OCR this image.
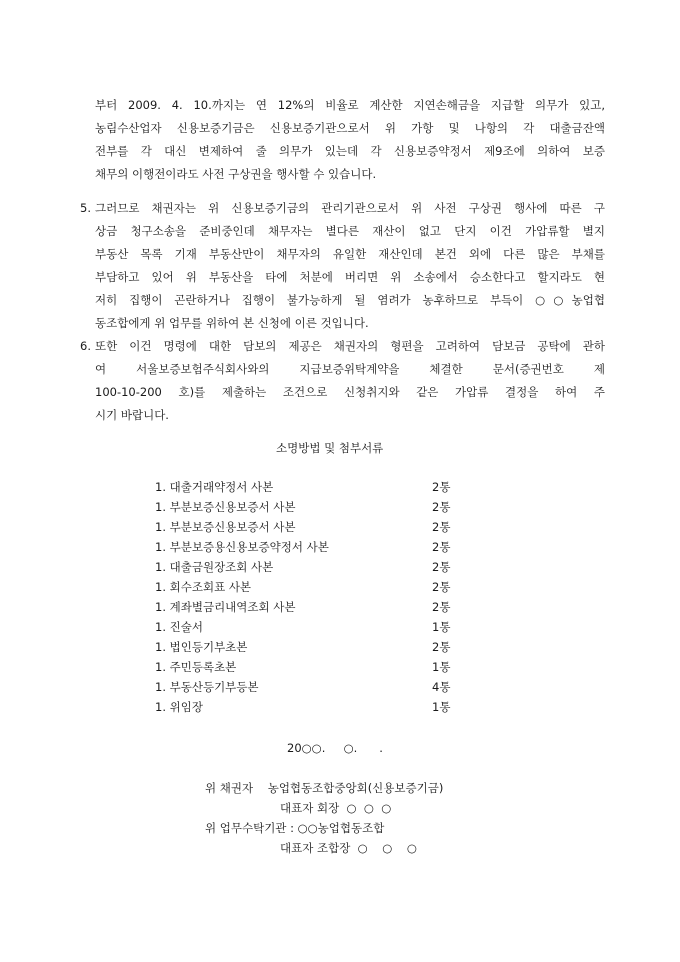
부터 2009. 4. 10.까지는 연 12%의 비율로 계산한 지연손해금을 지급할 의무가 있고,
농림수산업자 신용보증기금은 신용보증기관으로서 위 가항 및 나항의 각 대출금잔액
전부를 각 대신 변제하여 줄 의무가 있는데 각 신용보증약정서 제9조에 의하여 보증
채무의 이행전이라도 사전 구상권을 행사할 수 있습니다.
5. 그러므로 채권자는 위 신용보증기금의 관리기관으로서 위 사전 구상권 행사에 따른 구
상금 청구소송을 준비중인데 채무자는 별다른 재산이 없고 단지 이건 가압류할 별지
부동산 목록 기재 부동산만이 채무자의 유일한 재산인데 본건 외에 다른 많은 부채를
부담하고 있어 위 부동산을 타에 처분에 버리면 위 소송에서 승소한다고 할지라도 현
저히 집행이 곤란하거나 집행이 불가능하게 될 염려가 농후하므로 부득이 ○○농업협
동조합에게 위 업무를 위하여 본 신청에 이른 것입니다.
6. 또한 이건 명령에 대한 담보의 제공은 채권자의 형편을 고려하여 담보금 공탁에 관하
여 서울보증보험주식회사와의 지급보증위탁계약을 체결한 문서(증권번호 제
100-10-200 호)를 제출하는 조건으로 신청취지와 같은 가압류 결정을 하여 주
시기 바랍니다.
소명방법 및 첨부서류
1. 대출거래약정서 사본	2통
1. 부분보증신용보증서 사본	2통
1. 부분보증신용보증서 사본	2통
1. 부분보증용신용보증약정서 사본	2통
1. 대출금원장조회 사본	2통
1. 회수조회표 사본	2통
1. 계좌별금리내역조회 사본	2통
1. 진술서	1통
1. 법인등기부초본	2통
1. 주민등록초본	1통
1. 부동산등기부등본	4통
1. 위임장	1통
20○○.     ○.      .
위 채권자    농업협동조합중앙회(신용보증기금)
대표자 회장  ○  ○  ○
위 업무수탁기관 : ○○농업협동조합
대표자 조합장  ○    ○    ○
